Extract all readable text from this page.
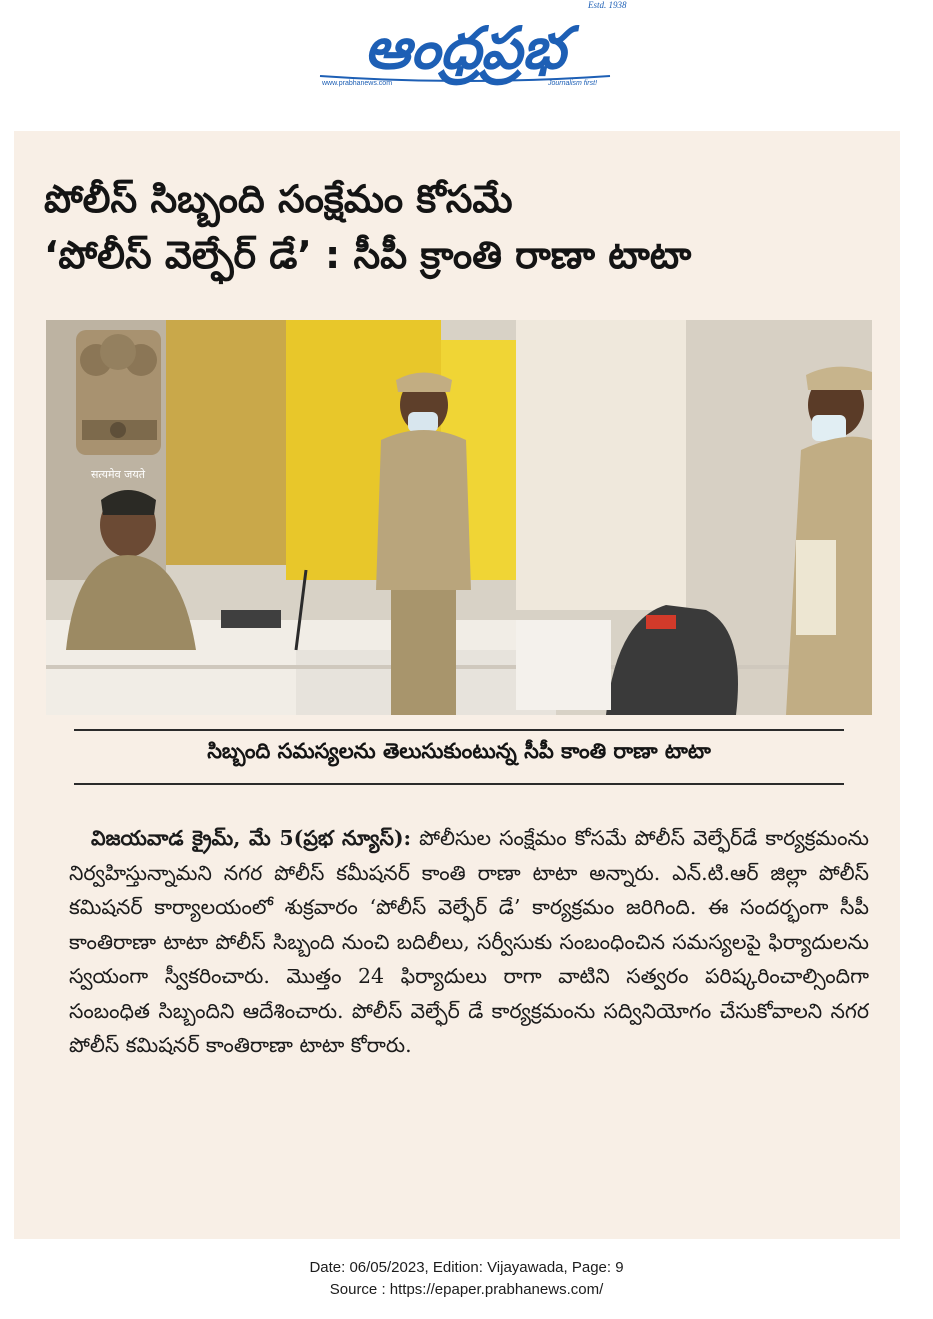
ఆంధ్రప్రభ
Estd. 1938
www.prabhanews.com	Journalism first!
పోలీస్ సిబ్బంది సంక్షేమం కోసమే
‘పోలీస్ వెల్ఫేర్ డే’ : సీపీ క్రాంతి రాణా టాటా
सत्यमेव जयते

సిబ్బంది సమస్యలను తెలుసుకుంటున్న సీపీ కాంతి రాణా టాటా

విజయవాడ క్రైమ్, మే 5(ప్రభ న్యూస్): పోలీసుల సంక్షేమం కోసమే పోలీస్ వెల్ఫేర్‌డే కార్యక్రమంను నిర్వహిస్తున్నామని నగర పోలీస్ కమీషనర్ కాంతి రాణా టాటా అన్నారు. ఎన్.టి.ఆర్ జిల్లా పోలీస్ కమిషనర్ కార్యాలయంలో శుక్రవారం ‘పోలీస్ వెల్ఫేర్ డే’ కార్యక్రమం జరిగింది. ఈ సందర్భంగా సీపీ కాంతిరాణా టాటా పోలీస్ సిబ్బంది నుంచి బదిలీలు, సర్వీసుకు సంబంధించిన సమస్యలపై ఫిర్యాదులను స్వయంగా స్వీకరించారు. మొత్తం 24 ఫిర్యాదులు రాగా వాటిని సత్వరం పరిష్కరించాల్సిందిగా సంబంధిత సిబ్బందిని ఆదేశించారు. పోలీస్ వెల్ఫేర్ డే కార్యక్రమంను సద్వినియోగం చేసుకోవాలని నగర పోలీస్ కమిషనర్ కాంతిరాణా టాటా కోరారు.

Date: 06/05/2023, Edition: Vijayawada, Page: 9
Source : https://epaper.prabhanews.com/
